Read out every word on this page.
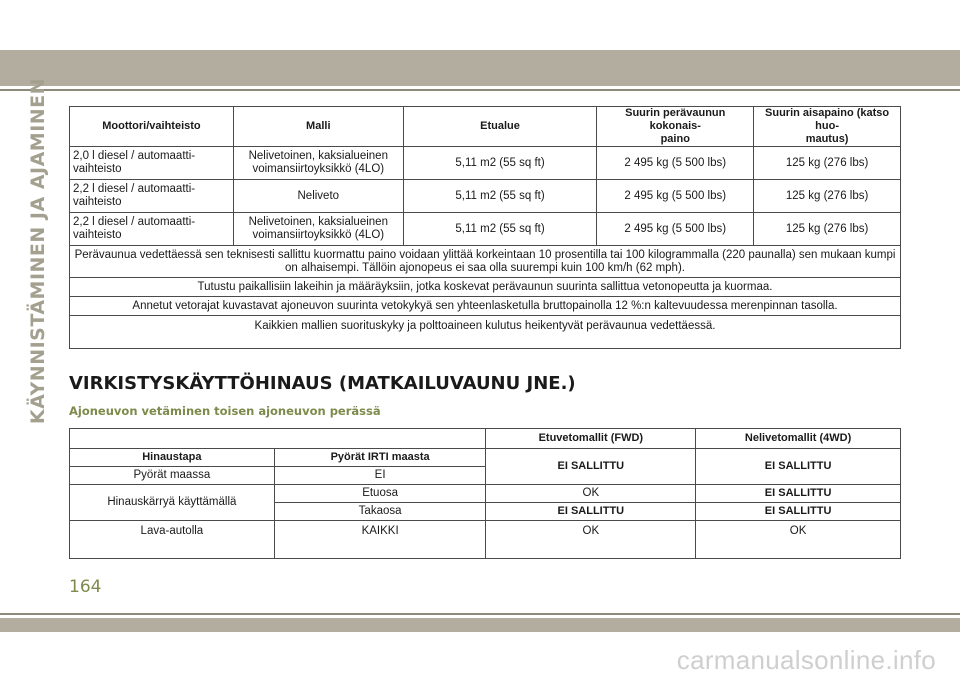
KÄYNNISTÄMINEN JA AJAMINEN	Moottori/vaihteisto	Malli	Etualue	Suurin perävaunun kokonais-
paino	Suurin aisapaino (katso huo-
mautus)
2,0 l diesel / automaatti-
vaihteisto	Nelivetoinen, kaksialueinen
voimansiirtoyksikkö (4LO)	5,11 m2 (55 sq ft)	2 495 kg (5 500 lbs)	125 kg (276 lbs)
2,2 l diesel / automaatti-
vaihteisto	Neliveto	5,11 m2 (55 sq ft)	2 495 kg (5 500 lbs)	125 kg (276 lbs)
2,2 l diesel / automaatti-
vaihteisto	Nelivetoinen, kaksialueinen
voimansiirtoyksikkö (4LO)	5,11 m2 (55 sq ft)	2 495 kg (5 500 lbs)	125 kg (276 lbs)
Perävaunua vedettäessä sen teknisesti sallittu kuormattu paino voidaan ylittää korkeintaan 10 prosentilla tai 100 kilogrammalla (220 paunalla) sen mukaan kumpi on alhaisempi. Tällöin ajonopeus ei saa olla suurempi kuin 100 km/h (62 mph).				
Tutustu paikallisiin lakeihin ja määräyksiin, jotka koskevat perävaunun suurinta sallittua vetonopeutta ja kuormaa.				
Annetut vetorajat kuvastavat ajoneuvon suurinta vetokykyä sen yhteenlasketulla bruttopainolla 12 %:n kaltevuudessa merenpinnan tasolla.				
Kaikkien mallien suorituskyky ja polttoaineen kulutus heikentyvät perävaunua vedettäessä.				
VIRKISTYSKÄYTTÖHINAUS (MATKAILUVAUNU JNE.)
Ajoneuvon vetäminen toisen ajoneuvon perässä
		Etuvetomallit (FWD)	Nelivetomallit (4WD)
Hinaustapa	Pyörät IRTI maasta	EI SALLITTU	EI SALLITTU
Pyörät maassa	EI		
Hinauskärryä käyttämällä	Etuosa	OK	EI SALLITTU
	Takaosa	EI SALLITTU	EI SALLITTU
Lava-autolla	KAIKKI	OK	OK
164
carmanualsonline.info
